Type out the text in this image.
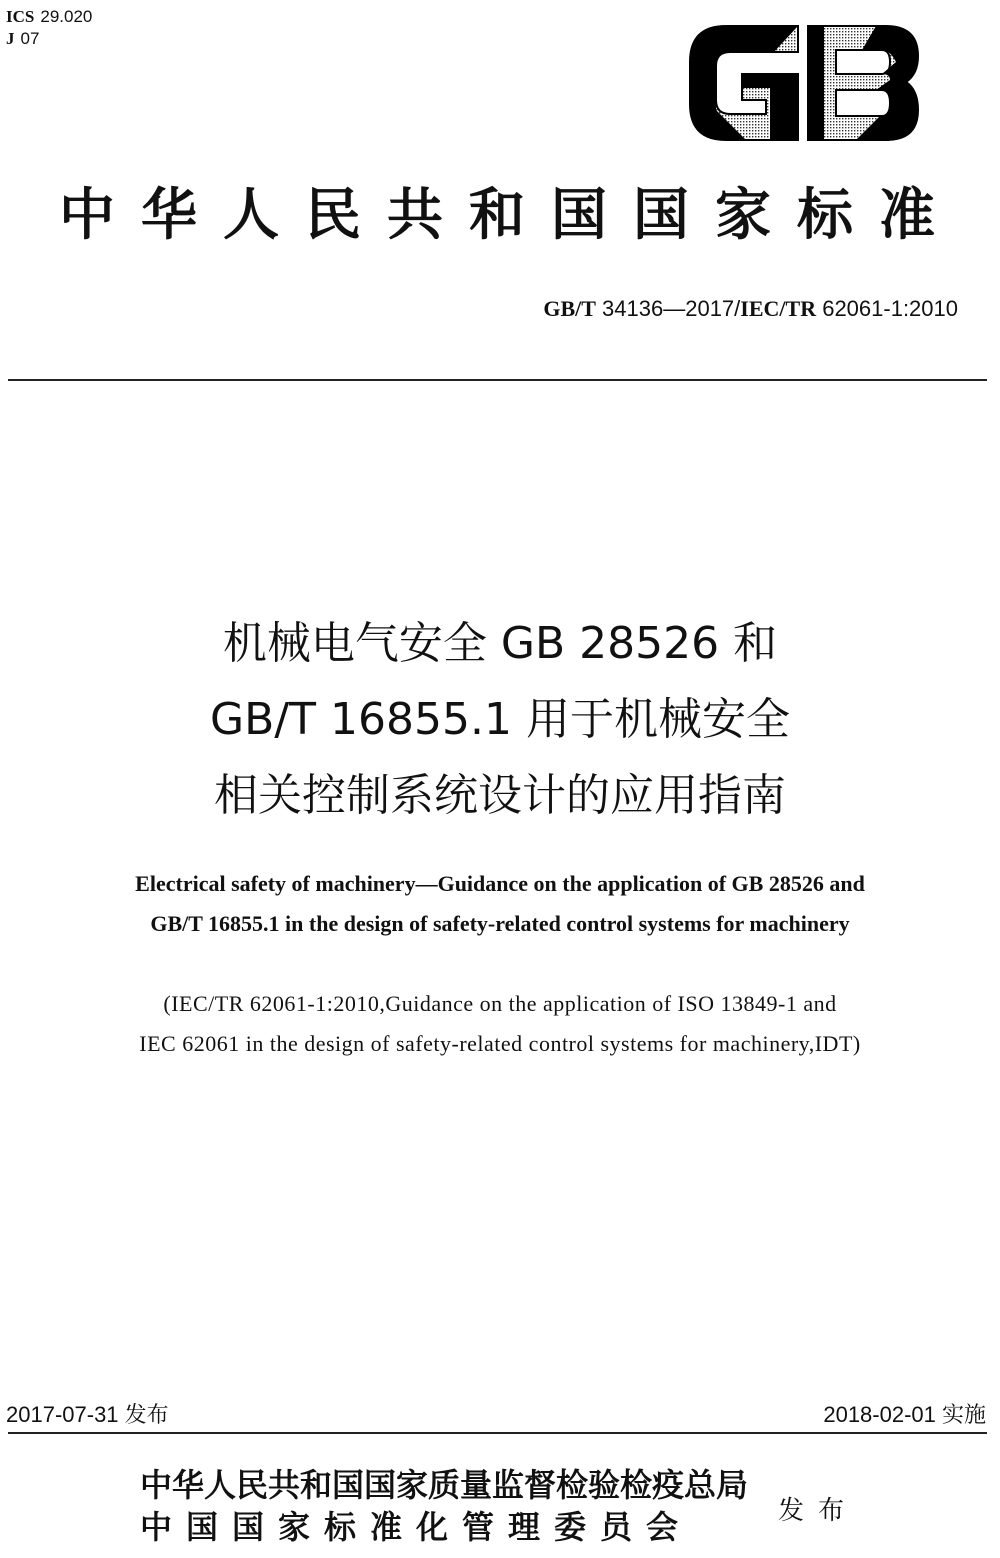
ICS 29.020
J 07
中华人民共和国国家标准
GB/T 34136—2017/IEC/TR 62061-1:2010
机械电气安全 GB 28526 和
GB/T 16855.1 用于机械安全
相关控制系统设计的应用指南
Electrical safety of machinery—Guidance on the application of GB 28526 and
GB/T 16855.1 in the design of safety-related control systems for machinery
(IEC/TR 62061-1:2010,Guidance on the application of ISO 13849-1 and
IEC 62061 in the design of safety-related control systems for machinery,IDT)
2017-07-31 发布	2018-02-01 实施
中华人民共和国国家质量监督检验检疫总局
中国国家标准化管理委员会	发布
